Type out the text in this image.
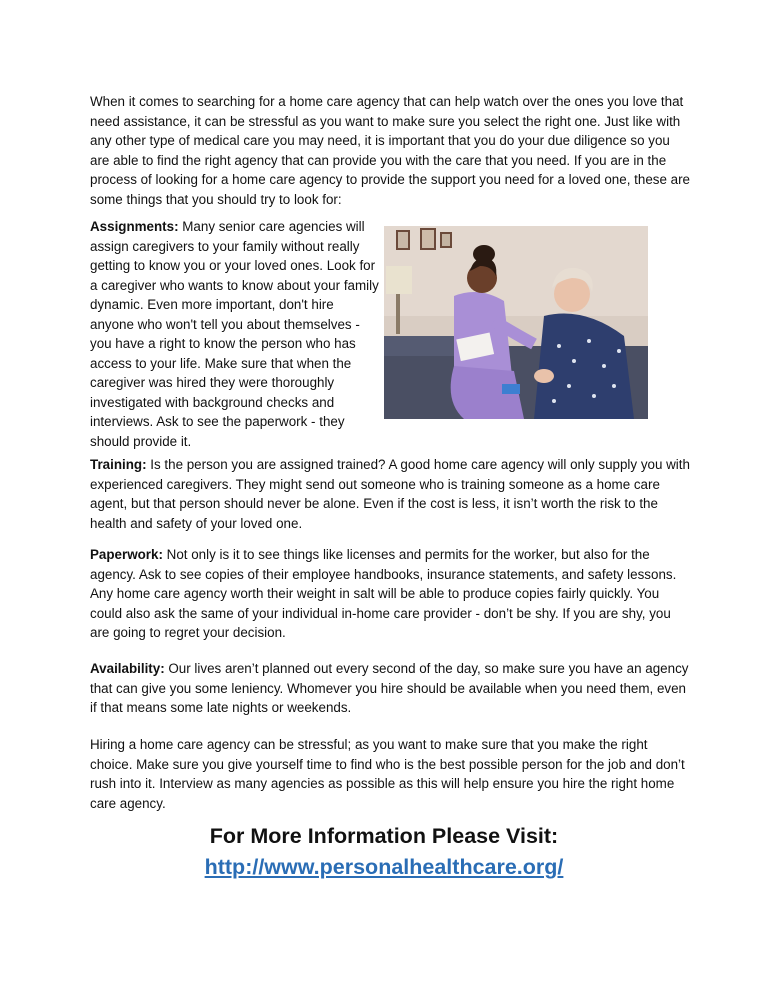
When it comes to searching for a home care agency that can help watch over the ones you love that need assistance, it can be stressful as you want to make sure you select the right one. Just like with any other type of medical care you may need, it is important that you do your due diligence so you are able to find the right agency that can provide you with the care that you need. If you are in the process of looking for a home care agency to provide the support you need for a loved one, these are some things that you should try to look for:

Assignments: Many senior care agencies will assign caregivers to your family without really getting to know you or your loved ones. Look for a caregiver who wants to know about your family dynamic. Even more important, don't hire anyone who won't tell you about themselves - you have a right to know the person who has access to your life. Make sure that when the caregiver was hired they were thoroughly investigated with background checks and interviews. Ask to see the paperwork - they should provide it.

Training: Is the person you are assigned trained? A good home care agency will only supply you with experienced caregivers. They might send out someone who is training someone as a home care agent, but that person should never be alone. Even if the cost is less, it isn’t worth the risk to the health and safety of your loved one.

Paperwork: Not only is it to see things like licenses and permits for the worker, but also for the agency. Ask to see copies of their employee handbooks, insurance statements, and safety lessons. Any home care agency worth their weight in salt will be able to produce copies fairly quickly. You could also ask the same of your individual in-home care provider - don’t be shy. If you are shy, you are going to regret your decision.

Availability: Our lives aren’t planned out every second of the day, so make sure you have an agency that can give you some leniency. Whomever you hire should be available when you need them, even if that means some late nights or weekends.

Hiring a home care agency can be stressful; as you want to make sure that you make the right choice. Make sure you give yourself time to find who is the best possible person for the job and don’t rush into it. Interview as many agencies as possible as this will help ensure you hire the right home care agency.

For More Information Please Visit:

http://www.personalhealthcare.org/
